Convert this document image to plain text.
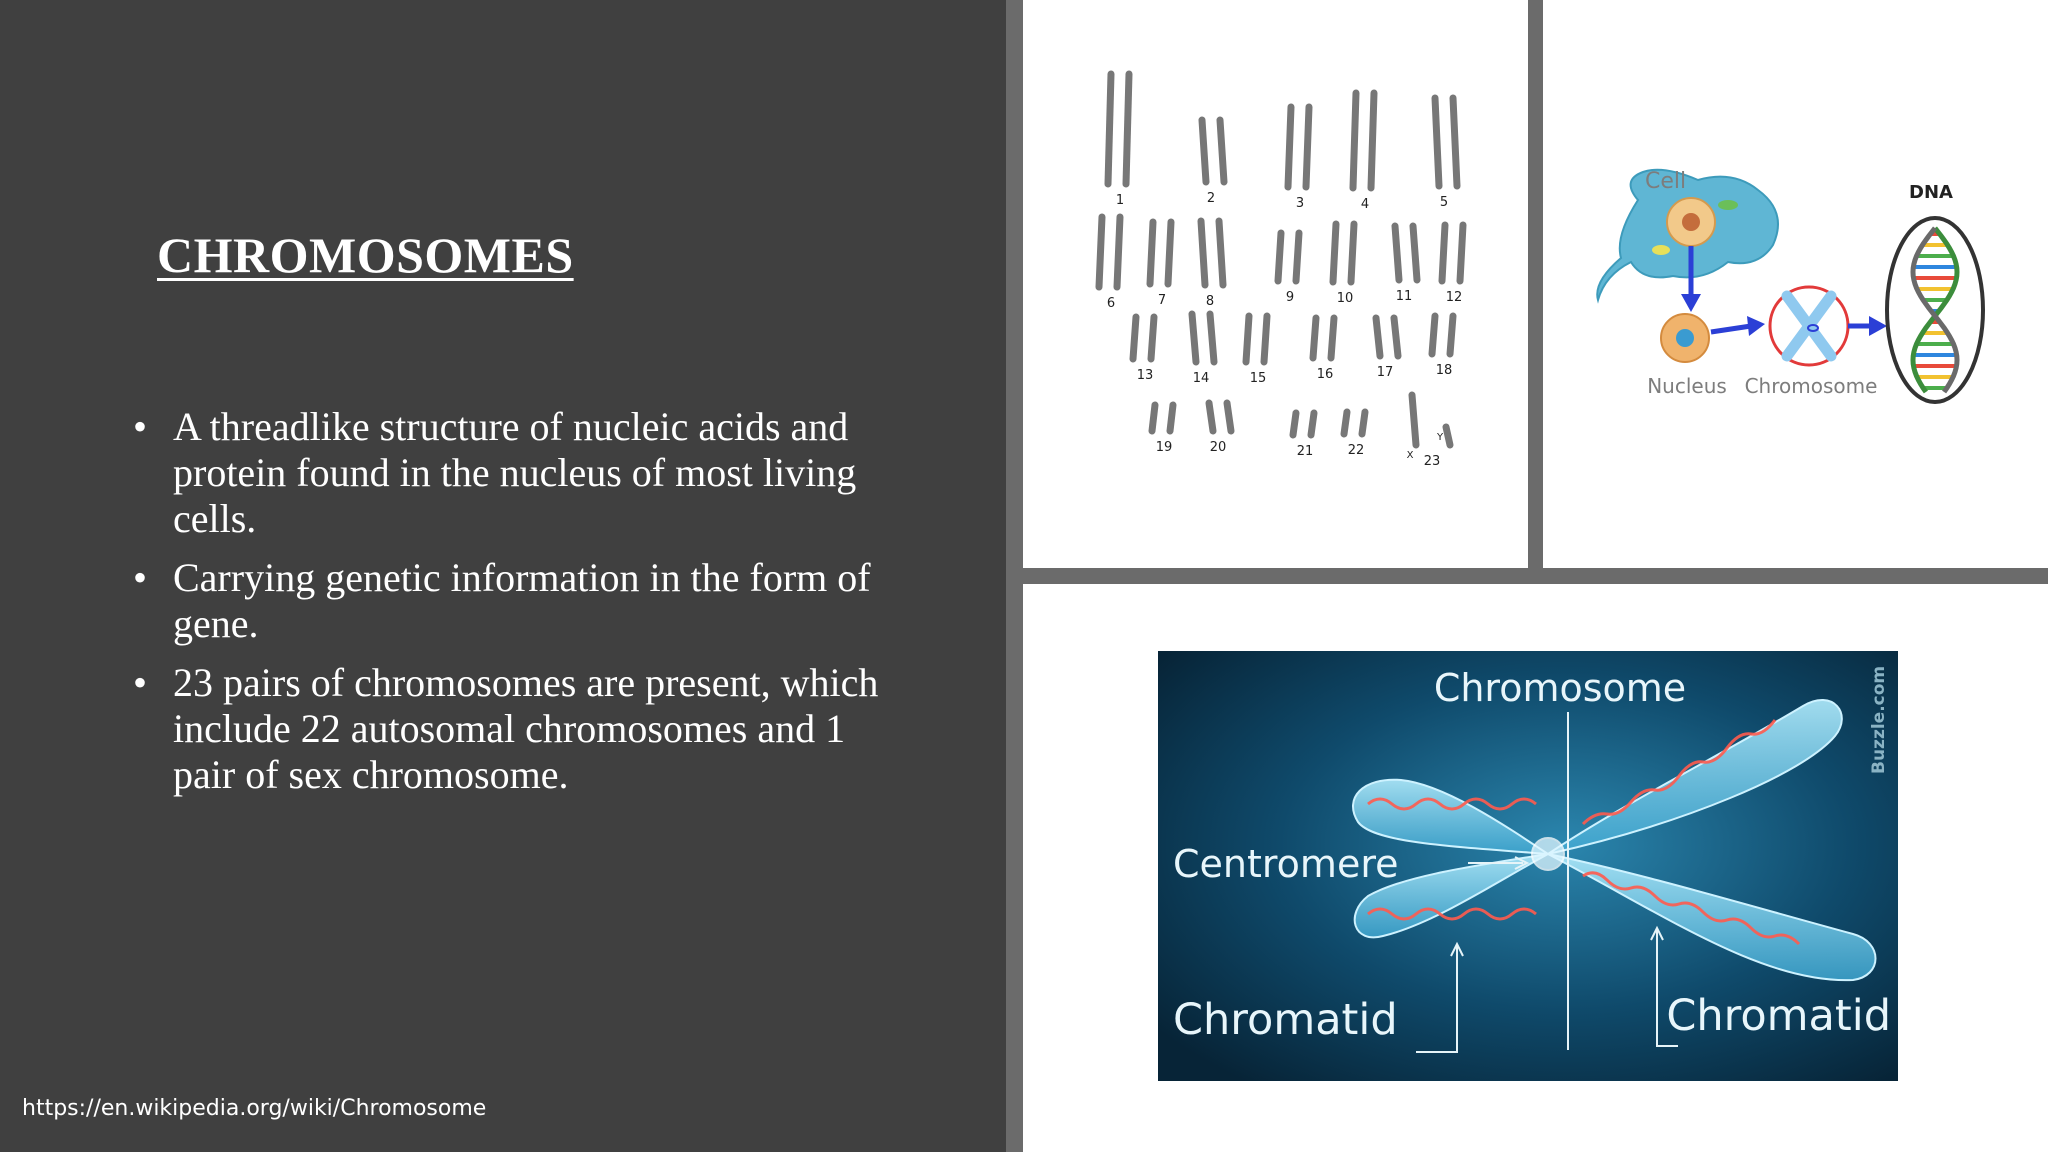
CHROMOSOMES
• A threadlike structure of nucleic acids and protein found in the nucleus of most living cells.
• Carrying genetic information in the form of gene.
• 23 pairs of chromosomes are present, which include 22 autosomal chromosomes and 1 pair of sex chromosome.
https://en.wikipedia.org/wiki/Chromosome
1	2	3	4	5
6	7	8	9	10	11	12
13	14	15	16	17	18
19	20	21	22
23
X
Y
Cell
Nucleus Chromosome
DNA
Chromosome
Centromere
Chromatid	Chromatid
Buzzle.com
